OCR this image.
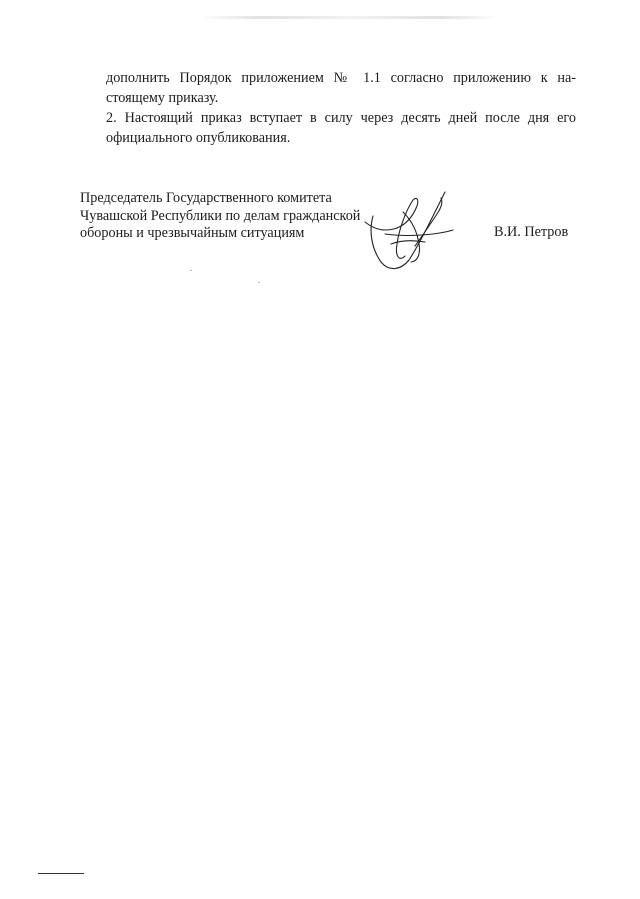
дополнить Порядок приложением № 1.1 согласно приложению к на-
стоящему приказу.

2. Настоящий приказ вступает в силу через десять дней после дня его
официального опубликования.

Председатель Государственного комитета
Чувашской Республики по делам гражданской
обороны и чрезвычайным ситуациям	В.И. Петров
